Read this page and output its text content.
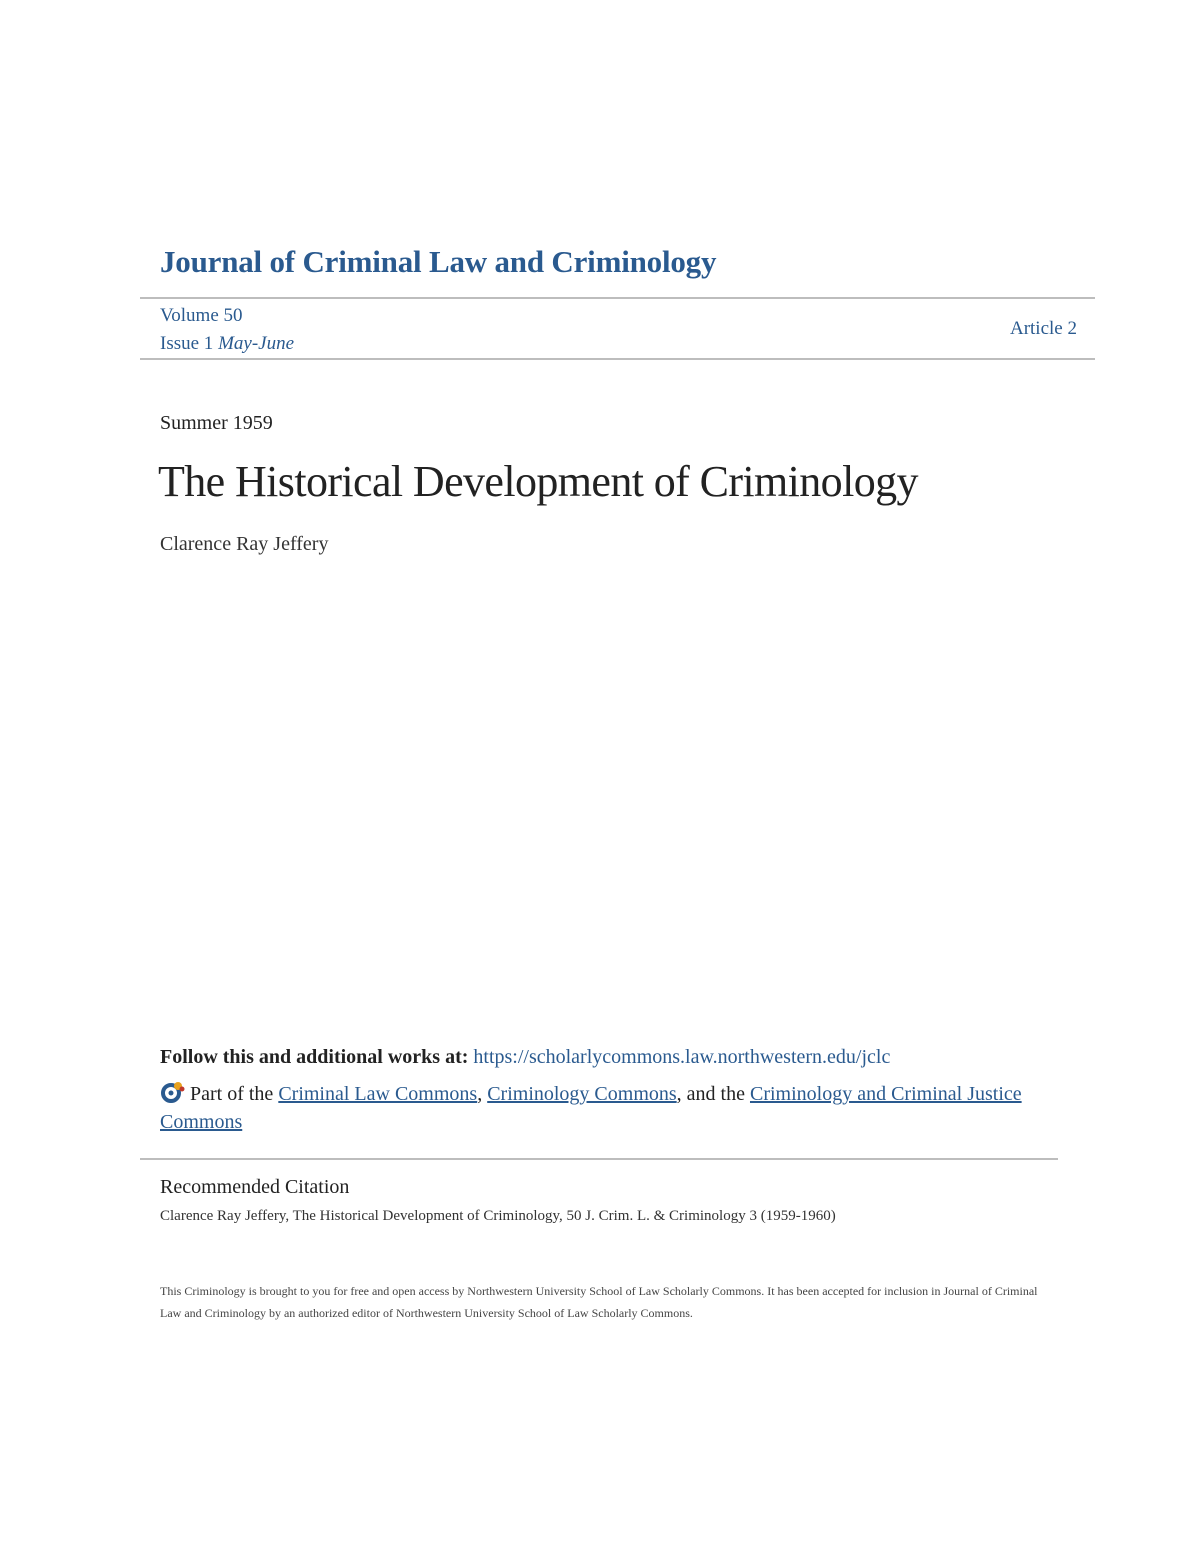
Journal of Criminal Law and Criminology
Volume 50
Issue 1 May-June
Article 2
Summer 1959
The Historical Development of Criminology
Clarence Ray Jeffery
Follow this and additional works at: https://scholarlycommons.law.northwestern.edu/jclc
Part of the Criminal Law Commons, Criminology Commons, and the Criminology and Criminal Justice Commons
Recommended Citation
Clarence Ray Jeffery, The Historical Development of Criminology, 50 J. Crim. L. & Criminology 3 (1959-1960)
This Criminology is brought to you for free and open access by Northwestern University School of Law Scholarly Commons. It has been accepted for inclusion in Journal of Criminal Law and Criminology by an authorized editor of Northwestern University School of Law Scholarly Commons.
